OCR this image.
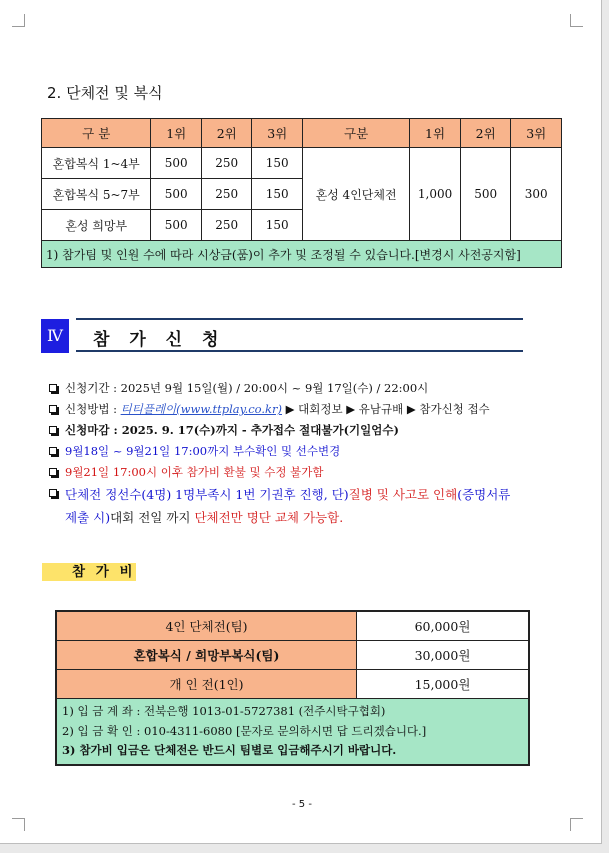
2. 단체전 및 복식
구 분	1위	2위	3위	구분	1위	2위	3위
혼합복식 1~4부	500	250	150	혼성 4인단체전	1,000	500	300
혼합복식 5~7부	500	250	150				
혼성 희망부	500	250	150				
1) 참가팀 및 인원 수에 따라 시상금(품)이 추가 및 조정될 수 있습니다.[변경시 사전공지함]							
Ⅳ	참 가 신 청
신청기간 : 2025년 9월 15일(월) / 20:00시 ~ 9월 17일(수) / 22:00시
신청방법 : 티티플레이(www.ttplay.co.kr) ▶ 대회정보 ▶ 유남규배 ▶ 참가신청 접수
신청마감 : 2025. 9. 17(수)까지 - 추가접수 절대불가(기일엄수)
9월18일 ~ 9월21일 17:00까지 부수확인 및 선수변경
9월21일 17:00시 이후 참가비 환불 및 수정 불가함
단체전 정선수(4명) 1명부족시 1번 기권후 진행, 단)질병 및 사고로 인해(증명서류
제출 시)대회 전일 까지 단체전만 명단 교체 가능함.
참 가 비
4인 단체전(팀)	60,000원
혼합복식 / 희망부복식(팀)	30,000원
개 인 전(1인)	15,000원

1) 입 금 계 좌 : 전북은행 1013-01-5727381 (전주시탁구협회)
2) 입 금 확 인 : 010-4311-6080 [문자로 문의하시면 답 드리겠습니다.]
3) 참가비 입금은 단체전은 반드시 팀별로 입금해주시기 바랍니다.	
- 5 -
